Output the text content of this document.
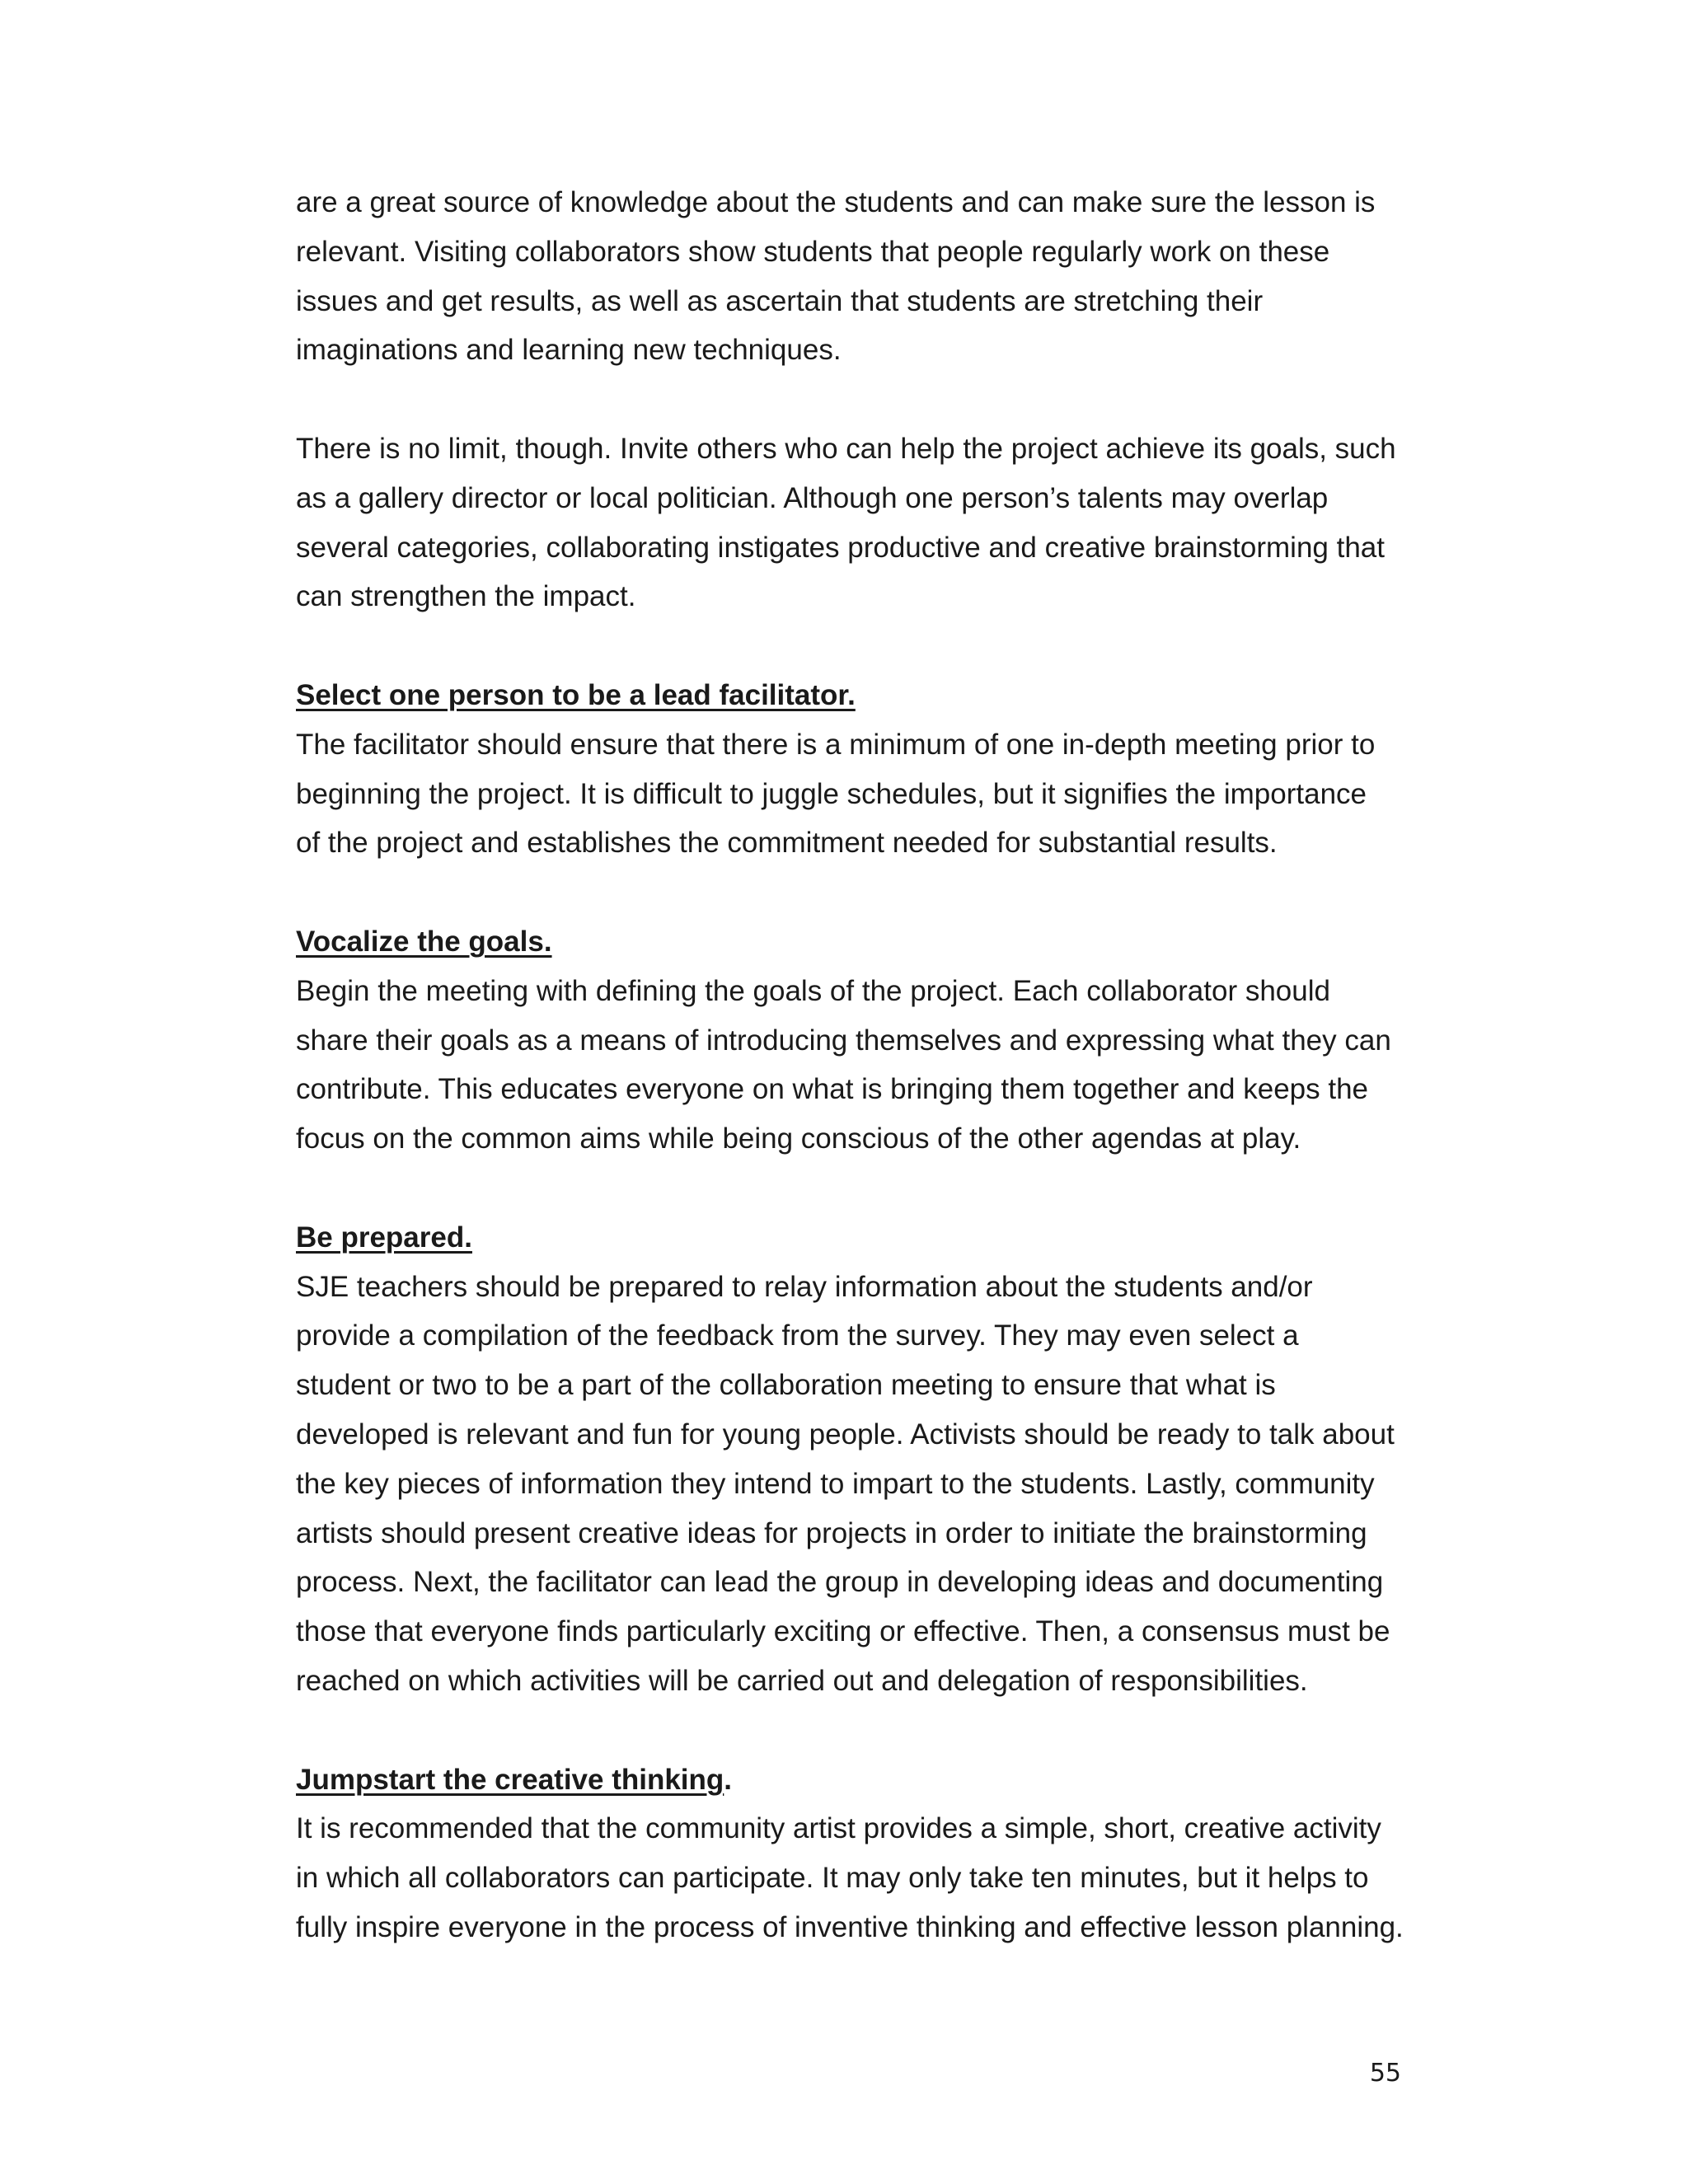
are a great source of knowledge about the students and can make sure the lesson is
relevant. Visiting collaborators show students that people regularly work on these
issues and get results, as well as ascertain that students are stretching their
imaginations and learning new techniques.
There is no limit, though. Invite others who can help the project achieve its goals, such
as a gallery director or local politician. Although one person’s talents may overlap
several categories, collaborating instigates productive and creative brainstorming that
can strengthen the impact.
Select one person to be a lead facilitator.
The facilitator should ensure that there is a minimum of one in-depth meeting prior to
beginning the project. It is difficult to juggle schedules, but it signifies the importance
of the project and establishes the commitment needed for substantial results.
Vocalize the goals.
Begin the meeting with defining the goals of the project. Each collaborator should
share their goals as a means of introducing themselves and expressing what they can
contribute. This educates everyone on what is bringing them together and keeps the
focus on the common aims while being conscious of the other agendas at play.
Be prepared.
SJE teachers should be prepared to relay information about the students and/or
provide a compilation of the feedback from the survey. They may even select a
student or two to be a part of the collaboration meeting to ensure that what is
developed is relevant and fun for young people. Activists should be ready to talk about
the key pieces of information they intend to impart to the students. Lastly, community
artists should present creative ideas for projects in order to initiate the brainstorming
process. Next, the facilitator can lead the group in developing ideas and documenting
those that everyone finds particularly exciting or effective. Then, a consensus must be
reached on which activities will be carried out and delegation of responsibilities.
Jumpstart the creative thinking.
It is recommended that the community artist provides a simple, short, creative activity
in which all collaborators can participate. It may only take ten minutes, but it helps to
fully inspire everyone in the process of inventive thinking and effective lesson planning.
55
